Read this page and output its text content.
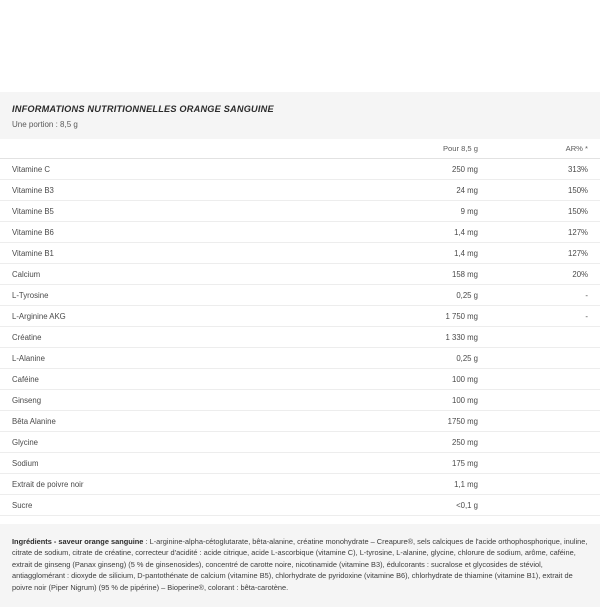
INFORMATIONS NUTRITIONNELLES ORANGE SANGUINE

Une portion : 8,5 g

	Pour 8,5 g	AR% *
Vitamine C	250 mg	313%
Vitamine B3	24 mg	150%
Vitamine B5	9 mg	150%
Vitamine B6	1,4 mg	127%
Vitamine B1	1,4 mg	127%
Calcium	158 mg	20%
L-Tyrosine	0,25 g	-
L-Arginine AKG	1 750 mg	-
Créatine	1 330 mg	
L-Alanine	0,25 g	
Caféine	100 mg	
Ginseng	100 mg	
Bêta Alanine	1750 mg	
Glycine	250 mg	
Sodium	175 mg	
Extrait de poivre noir	1,1 mg	
Sucre	<0,1 g	

Ingrédients - saveur orange sanguine : L-arginine-alpha-cétoglutarate, bêta-alanine, créatine monohydrate – Creapure®, sels calciques de l'acide orthophosphorique, inuline, citrate de sodium, citrate de créatine, correcteur d'acidité : acide citrique, acide L-ascorbique (vitamine C), L-tyrosine, L-alanine, glycine, chlorure de sodium, arôme, caféine, extrait de ginseng (Panax ginseng) (5 % de ginsenosides), concentré de carotte noire, nicotinamide (vitamine B3), édulcorants : sucralose et glycosides de stéviol, antiagglomérant : dioxyde de silicium, D-pantothénate de calcium (vitamine B5), chlorhydrate de pyridoxine (vitamine B6), chlorhydrate de thiamine (vitamine B1), extrait de poivre noir (Piper Nigrum) (95 % de pipérine) – Bioperine®, colorant : bêta-carotène.
